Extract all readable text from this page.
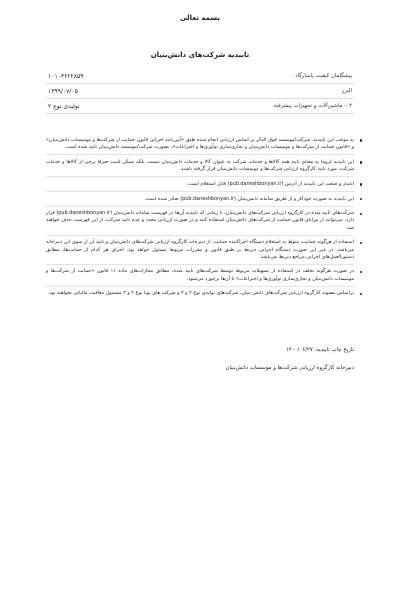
بسمه تعالی
تاییدیه شرکت‌های دانش‌بنیان
پیشگامان کیفیت پاسارگاد	۱۰۱۰۳۶۲۲۸۵۹
البرز	۱۳۹۹/۰۷/۰۵
۰۴- ماشین‌آلات و تجهیزات پیشرفته	تولیدی نوع ۲
به موجب این تاییدیه، شرکت/موسسه فوق الذکر بر اساس ارزیابی انجام شده طبق «آیین‌نامه اجرایی قانون حمایت از شرکت‌ها و موسسات دانش‌بنیان» و «قانون حمایت از شرکت‌ها و موسسات دانش‌بنیان و تجاری‌سازی نوآوری‌ها و اختراعات»، بصورت شرکت/موسسه دانش‌بنیان تایید شده است.
این تاییدیه لزوما به معنای تایید همه کالاها و خدمات شرکت به عنوان کالا و خدمات دانش‌بنیان نیست، بلکه ممکن است صرفا برخی از کالاها و خدمات شرکت، مورد تایید کارگروه ارزیابی شرکت‌ها و موسسات دانش‌بنیان قرار گرفته باشند.
اعتبار و صحت این تاییدیه از آدرس (pub.daneshbonyan.ir) قابل استعلام است.
این تاییدیه به صورت خودکار و از طریق سامانه دانش‌بنیان (pub.daneshbonyan.ir) صادر شده است.
شرکت‌های تایید شده در کارگروه ارزیابی شرکت‌های دانش‌بنیان، تا زمانی که تاییدیه آن‌ها در فهرست سامانه دانش‌بنیان (pub.daneshbonyan.ir) قرار دارد، می‌توانند از مزایای قانون حمایت از شرکت‌های دانش‌بنیان استفاده کنند و در صورت ارزیابی مجدد و عدم تایید شرکت، از این فهرست حذف خواهند شد.
استفاده از هرگونه حمایت، منوط به استعلام دستگاه اجراکننده حمایت، از دبیرخانه کارگروه ارزیابی شرکت‌های دانش‌بنیان و تایید آن از سوی این دبیرخانه می‌باشد. در غیر این صورت دستگاه اجرایی ذیربط بر طبق قانون و مقررات مربوط مسئول خواهد بود. اجرای هر کدام از حمایت‌ها، مطابق دستورالعمل‌های اجرایی مراجع ذیربط می‌باشد.
در صورت هرگونه تخلف در استفاده از تسهیلات مربوط توسط شرکت‌های تایید شده، مطابق مجازات‌های ماده ۱۱ قانون «حمایت از شرکت‌ها و موسسات دانش‌بنیان و تجاری‌سازی نوآوری‌ها و اختراعات» با آن‌ها برخورد می‌شود.
براساس مصوبه کارگروه ارزیابی شرکت‌های دانش بنیان، شرکت‌های تولیدی نوع ۲ و ۳ و شرکت های نوپا نوع ۲ و ۳ مشمول معافیت مالیاتی نخواهند بود.
تاریخ چاپ تاییدیه: ۱۴۰۰/۰۶/۲۷
دبیرخانه کارگروه ارزیابی شرکت‌ها و موسسات دانش‌بنیان
